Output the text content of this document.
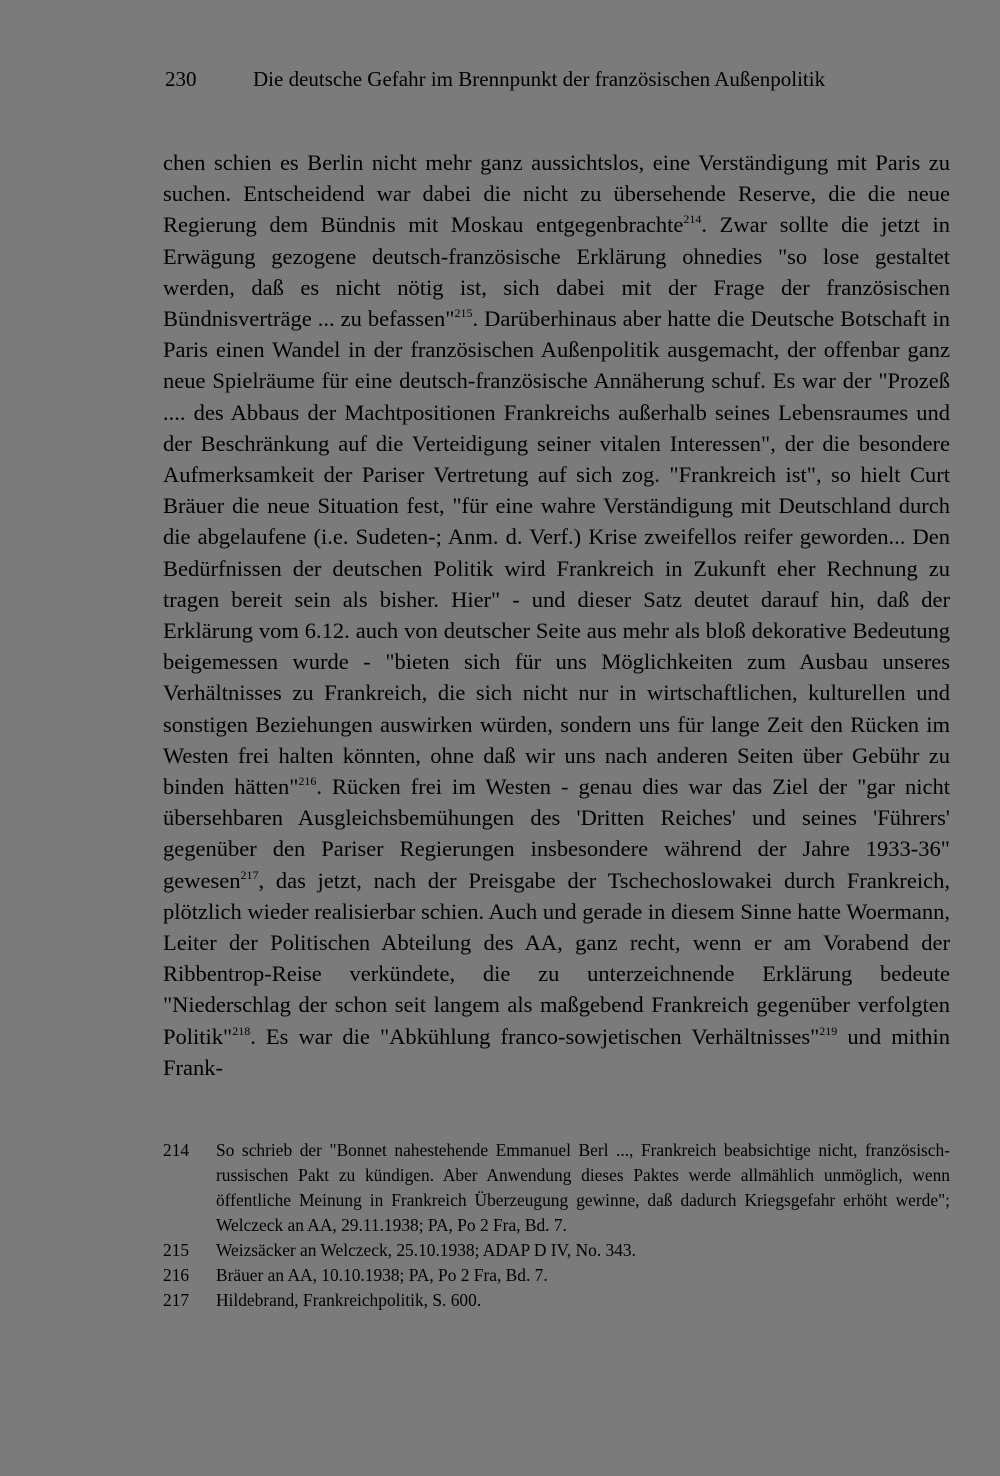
230	Die deutsche Gefahr im Brennpunkt der französischen Außenpolitik
chen schien es Berlin nicht mehr ganz aussichtslos, eine Verständigung mit Paris zu suchen. Entscheidend war dabei die nicht zu übersehende Reserve, die die neue Regierung dem Bündnis mit Moskau entgegenbrachte$^{214}$. Zwar sollte die jetzt in Erwägung gezogene deutsch-französische Erklärung ohnedies "so lose gestaltet werden, daß es nicht nötig ist, sich dabei mit der Frage der französischen Bündnisverträge ... zu befassen"$^{215}$. Darüberhinaus aber hatte die Deutsche Botschaft in Paris einen Wandel in der französischen Außenpolitik ausgemacht, der offenbar ganz neue Spielräume für eine deutsch-französische Annäherung schuf. Es war der "Prozeß .... des Abbaus der Machtpositionen Frankreichs außerhalb seines Lebensraumes und der Beschränkung auf die Verteidigung seiner vitalen Interessen", der die besondere Aufmerksamkeit der Pariser Vertretung auf sich zog. "Frankreich ist", so hielt Curt Bräuer die neue Situation fest, "für eine wahre Verständigung mit Deutschland durch die abgelaufene (i.e. Sudeten-; Anm. d. Verf.) Krise zweifellos reifer geworden... Den Bedürfnissen der deutschen Politik wird Frankreich in Zukunft eher Rechnung zu tragen bereit sein als bisher. Hier" - und dieser Satz deutet darauf hin, daß der Erklärung vom 6.12. auch von deutscher Seite aus mehr als bloß dekorative Bedeutung beigemessen wurde - "bieten sich für uns Möglichkeiten zum Ausbau unseres Verhältnisses zu Frankreich, die sich nicht nur in wirtschaftlichen, kulturellen und sonstigen Beziehungen auswirken würden, sondern uns für lange Zeit den Rücken im Westen frei halten könnten, ohne daß wir uns nach anderen Seiten über Gebühr zu binden hätten"$^{216}$. Rücken frei im Westen - genau dies war das Ziel der "gar nicht übersehbaren Ausgleichsbemühungen des 'Dritten Reiches' und seines 'Führers' gegenüber den Pariser Regierungen insbesondere während der Jahre 1933-36" gewesen$^{217}$, das jetzt, nach der Preisgabe der Tschechoslowakei durch Frankreich, plötzlich wieder realisierbar schien. Auch und gerade in diesem Sinne hatte Woermann, Leiter der Politischen Abteilung des AA, ganz recht, wenn er am Vorabend der Ribbentrop-Reise verkündete, die zu unterzeichnende Erklärung bedeute "Niederschlag der schon seit langem als maßgebend Frankreich gegenüber verfolgten Politik"$^{218}$. Es war die "Abkühlung franco-sowjetischen Verhältnisses"$^{219}$ und mithin Frank-
214	So schrieb der "Bonnet nahestehende Emmanuel Berl ..., Frankreich beabsichtige nicht, französisch-russischen Pakt zu kündigen. Aber Anwendung dieses Paktes werde allmählich unmöglich, wenn öffentliche Meinung in Frankreich Überzeugung gewinne, daß dadurch Kriegsgefahr erhöht werde"; Welczeck an AA, 29.11.1938; PA, Po 2 Fra, Bd. 7.
215	Weizsäcker an Welczeck, 25.10.1938; ADAP D IV, No. 343.
216	Bräuer an AA, 10.10.1938; PA, Po 2 Fra, Bd. 7.
217	Hildebrand, Frankreichpolitik, S. 600.
